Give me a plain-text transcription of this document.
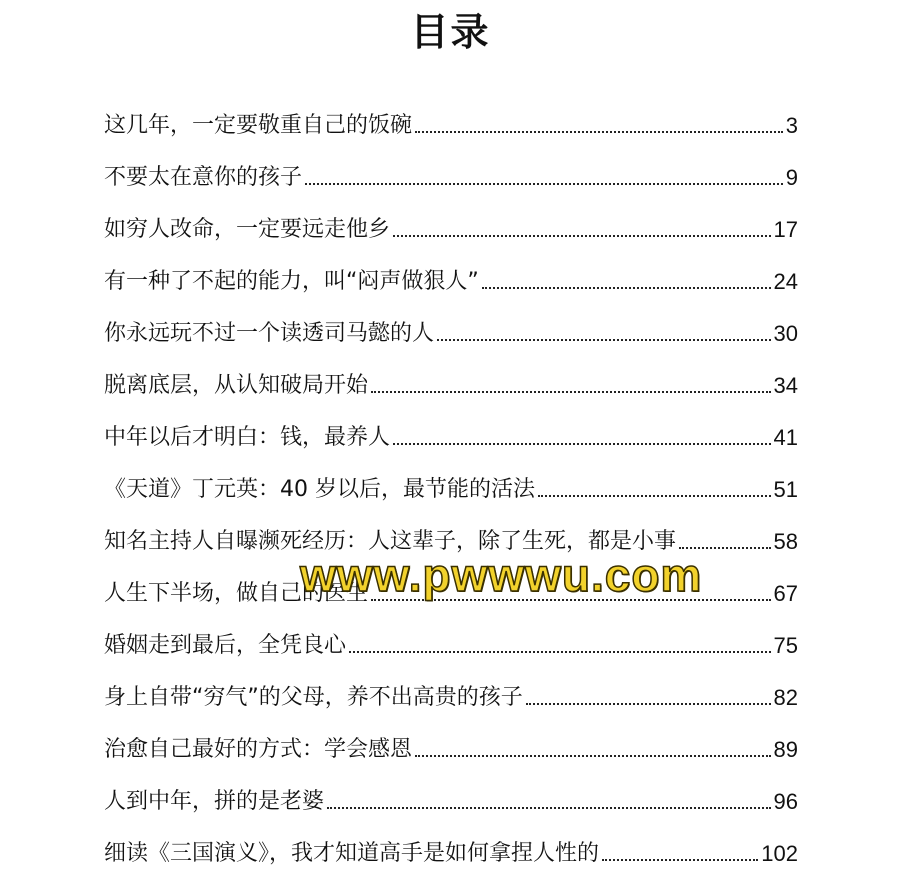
目录
这几年，一定要敬重自己的饭碗	3
不要太在意你的孩子	9
如穷人改命，一定要远走他乡	17
有一种了不起的能力，叫“闷声做狠人”	24
你永远玩不过一个读透司马懿的人	30
脱离底层，从认知破局开始	34
中年以后才明白：钱，最养人	41
《天道》丁元英：40 岁以后，最节能的活法	51
知名主持人自曝濒死经历：人这辈子，除了生死，都是小事	58
人生下半场，做自己的医生	67
婚姻走到最后，全凭良心	75
身上自带“穷气”的父母，养不出高贵的孩子	82
治愈自己最好的方式：学会感恩	89
人到中年，拼的是老婆	96
细读《三国演义》，我才知道高手是如何拿捏人性的	102
www.pwwwu.com
